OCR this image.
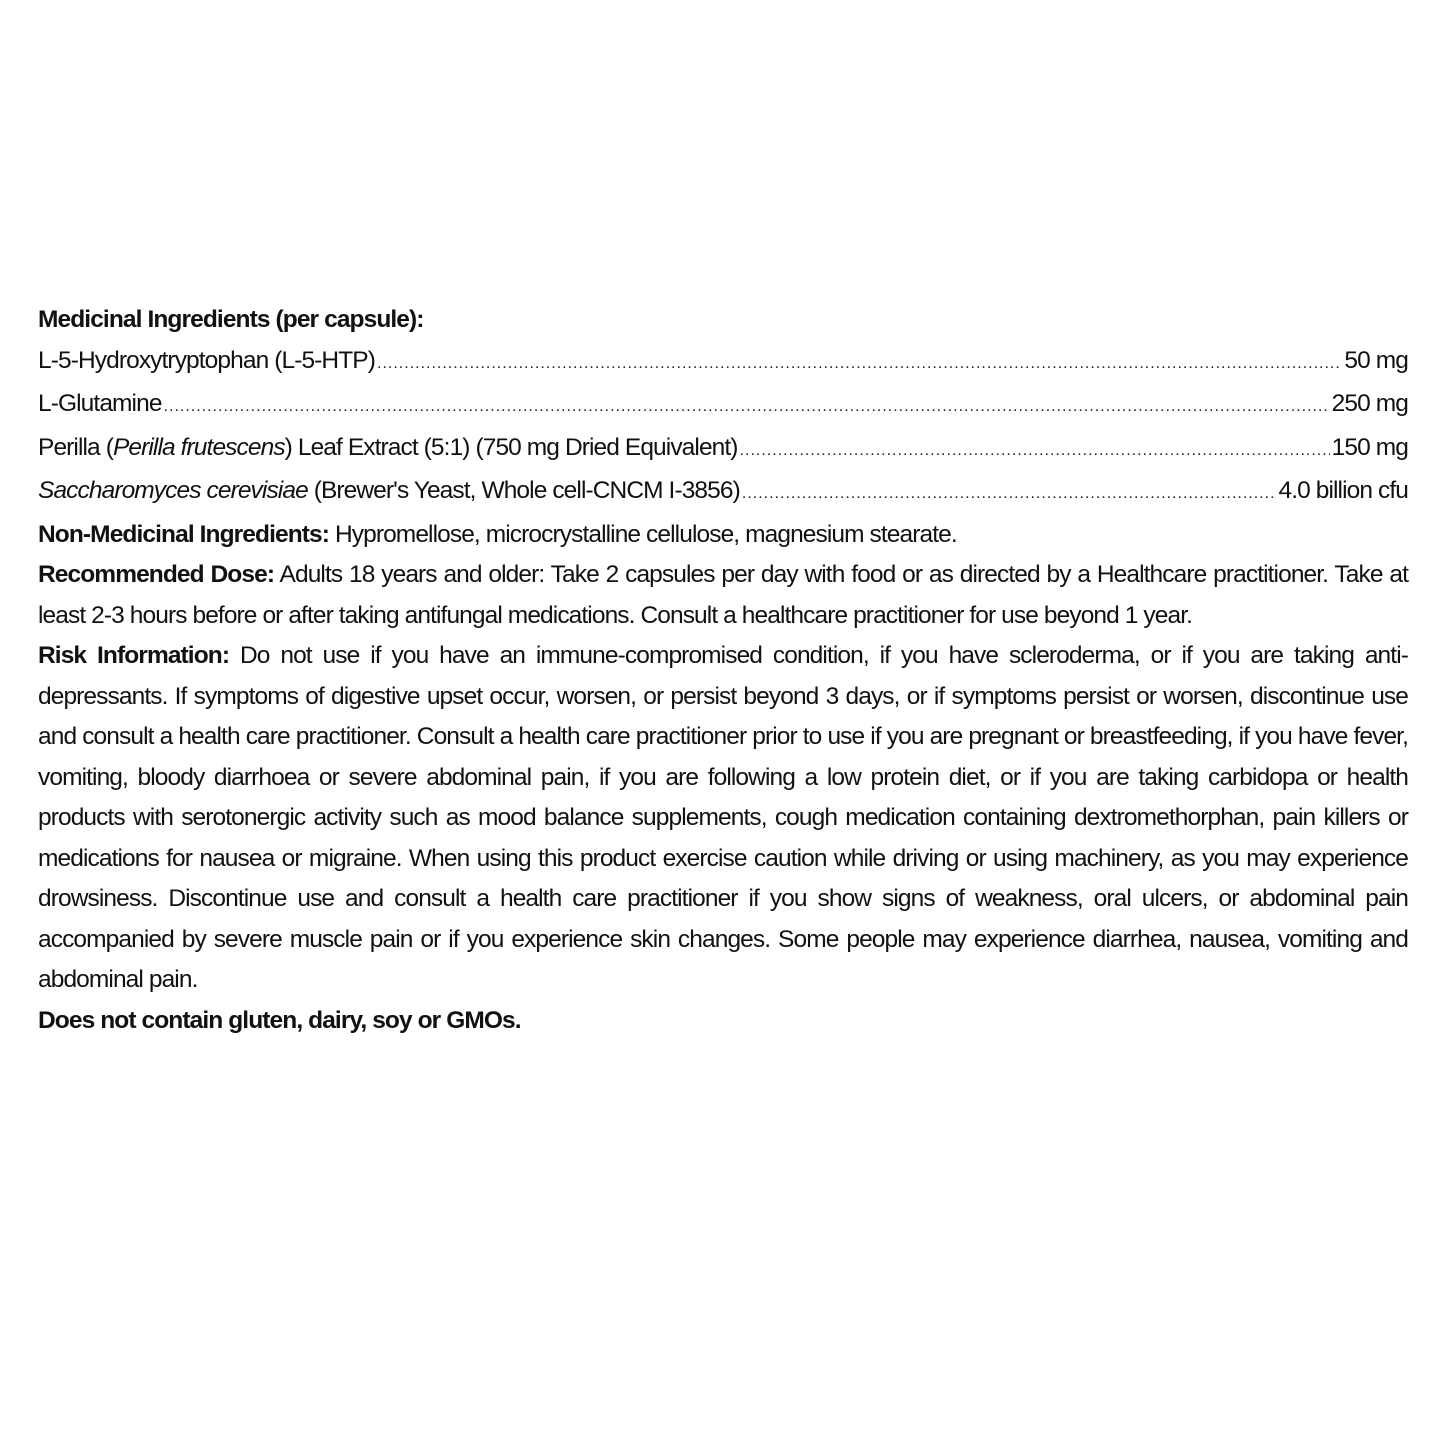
Medicinal Ingredients (per capsule):
L-5-Hydroxytryptophan (L-5-HTP) .....	50 mg
L-Glutamine .....	250 mg
Perilla (Perilla frutescens) Leaf Extract (5:1) (750 mg Dried Equivalent) .....	150 mg
Saccharomyces cerevisiae (Brewer's Yeast, Whole cell-CNCM I-3856) .....	4.0 billion cfu

Non-Medicinal Ingredients: Hypromellose, microcrystalline cellulose, magnesium stearate.

Recommended Dose: Adults 18 years and older: Take 2 capsules per day with food or as directed by a Healthcare practitioner. Take at least 2-3 hours before or after taking antifungal medications. Consult a healthcare practitioner for use beyond 1 year.

Risk Information: Do not use if you have an immune-compromised condition, if you have scleroderma, or if you are taking anti-depressants. If symptoms of digestive upset occur, worsen, or persist beyond 3 days, or if symptoms persist or worsen, discontinue use and consult a health care practitioner. Consult a health care practitioner prior to use if you are pregnant or breastfeeding, if you have fever, vomiting, bloody diarrhoea or severe abdominal pain, if you are following a low protein diet, or if you are taking carbidopa or health products with serotonergic activity such as mood balance supplements, cough medication containing dextromethorphan, pain killers or medications for nausea or migraine. When using this product exercise caution while driving or using machinery, as you may experience drowsiness. Discontinue use and consult a health care practitioner if you show signs of weakness, oral ulcers, or abdominal pain accompanied by severe muscle pain or if you experience skin changes. Some people may experience diarrhea, nausea, vomiting and abdominal pain.

Does not contain gluten, dairy, soy or GMOs.
